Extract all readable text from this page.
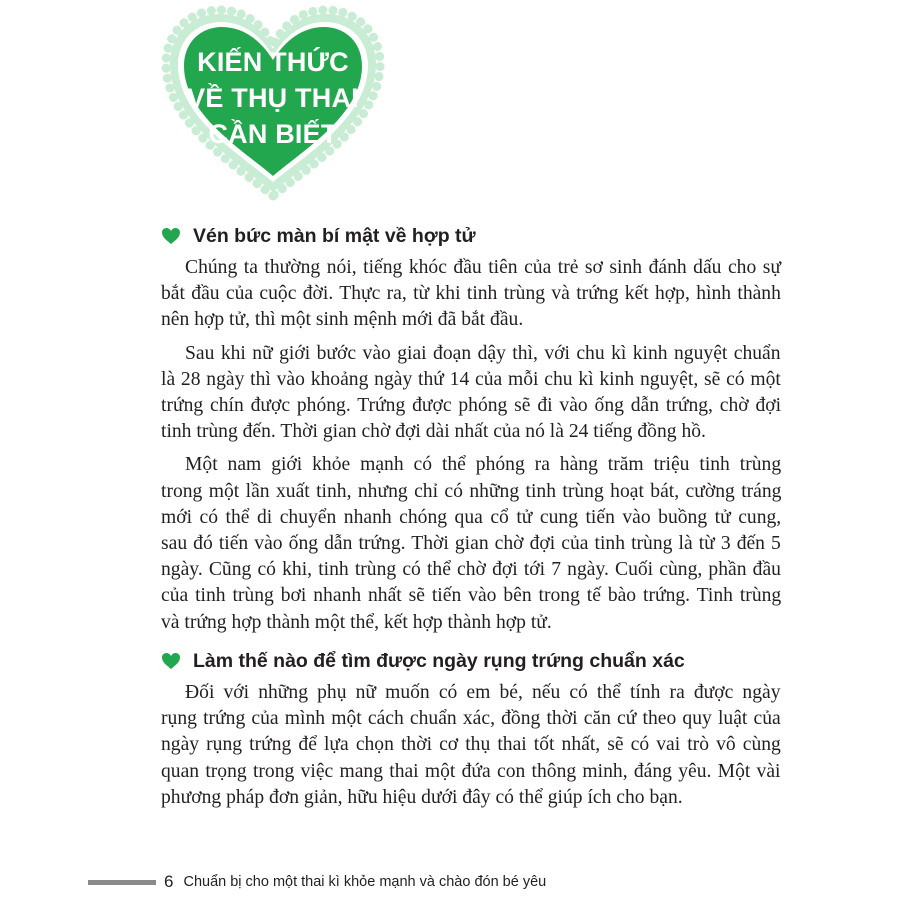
KIẾN THỨC
VỀ THỤ THAI
CẦN BIẾT
Vén bức màn bí mật về hợp tử

Chúng ta thường nói, tiếng khóc đầu tiên của trẻ sơ sinh đánh dấu cho sự
bắt đầu của cuộc đời. Thực ra, từ khi tinh trùng và trứng kết hợp, hình thành
nên hợp tử, thì một sinh mệnh mới đã bắt đầu.

Sau khi nữ giới bước vào giai đoạn dậy thì, với chu kì kinh nguyệt chuẩn
là 28 ngày thì vào khoảng ngày thứ 14 của mỗi chu kì kinh nguyệt, sẽ có một
trứng chín được phóng. Trứng được phóng sẽ đi vào ống dẫn trứng, chờ đợi
tinh trùng đến. Thời gian chờ đợi dài nhất của nó là 24 tiếng đồng hồ.

Một nam giới khỏe mạnh có thể phóng ra hàng trăm triệu tinh trùng
trong một lần xuất tinh, nhưng chỉ có những tinh trùng hoạt bát, cường tráng
mới có thể di chuyển nhanh chóng qua cổ tử cung tiến vào buồng tử cung,
sau đó tiến vào ống dẫn trứng. Thời gian chờ đợi của tinh trùng là từ 3 đến 5
ngày. Cũng có khi, tinh trùng có thể chờ đợi tới 7 ngày. Cuối cùng, phần đầu
của tinh trùng bơi nhanh nhất sẽ tiến vào bên trong tế bào trứng. Tinh trùng
và trứng hợp thành một thể, kết hợp thành hợp tử.

Làm thế nào để tìm được ngày rụng trứng chuẩn xác

Đối với những phụ nữ muốn có em bé, nếu có thể tính ra được ngày
rụng trứng của mình một cách chuẩn xác, đồng thời căn cứ theo quy luật của
ngày rụng trứng để lựa chọn thời cơ thụ thai tốt nhất, sẽ có vai trò vô cùng
quan trọng trong việc mang thai một đứa con thông minh, đáng yêu. Một vài
phương pháp đơn giản, hữu hiệu dưới đây có thể giúp ích cho bạn.

6 Chuẩn bị cho một thai kì khỏe mạnh và chào đón bé yêu
